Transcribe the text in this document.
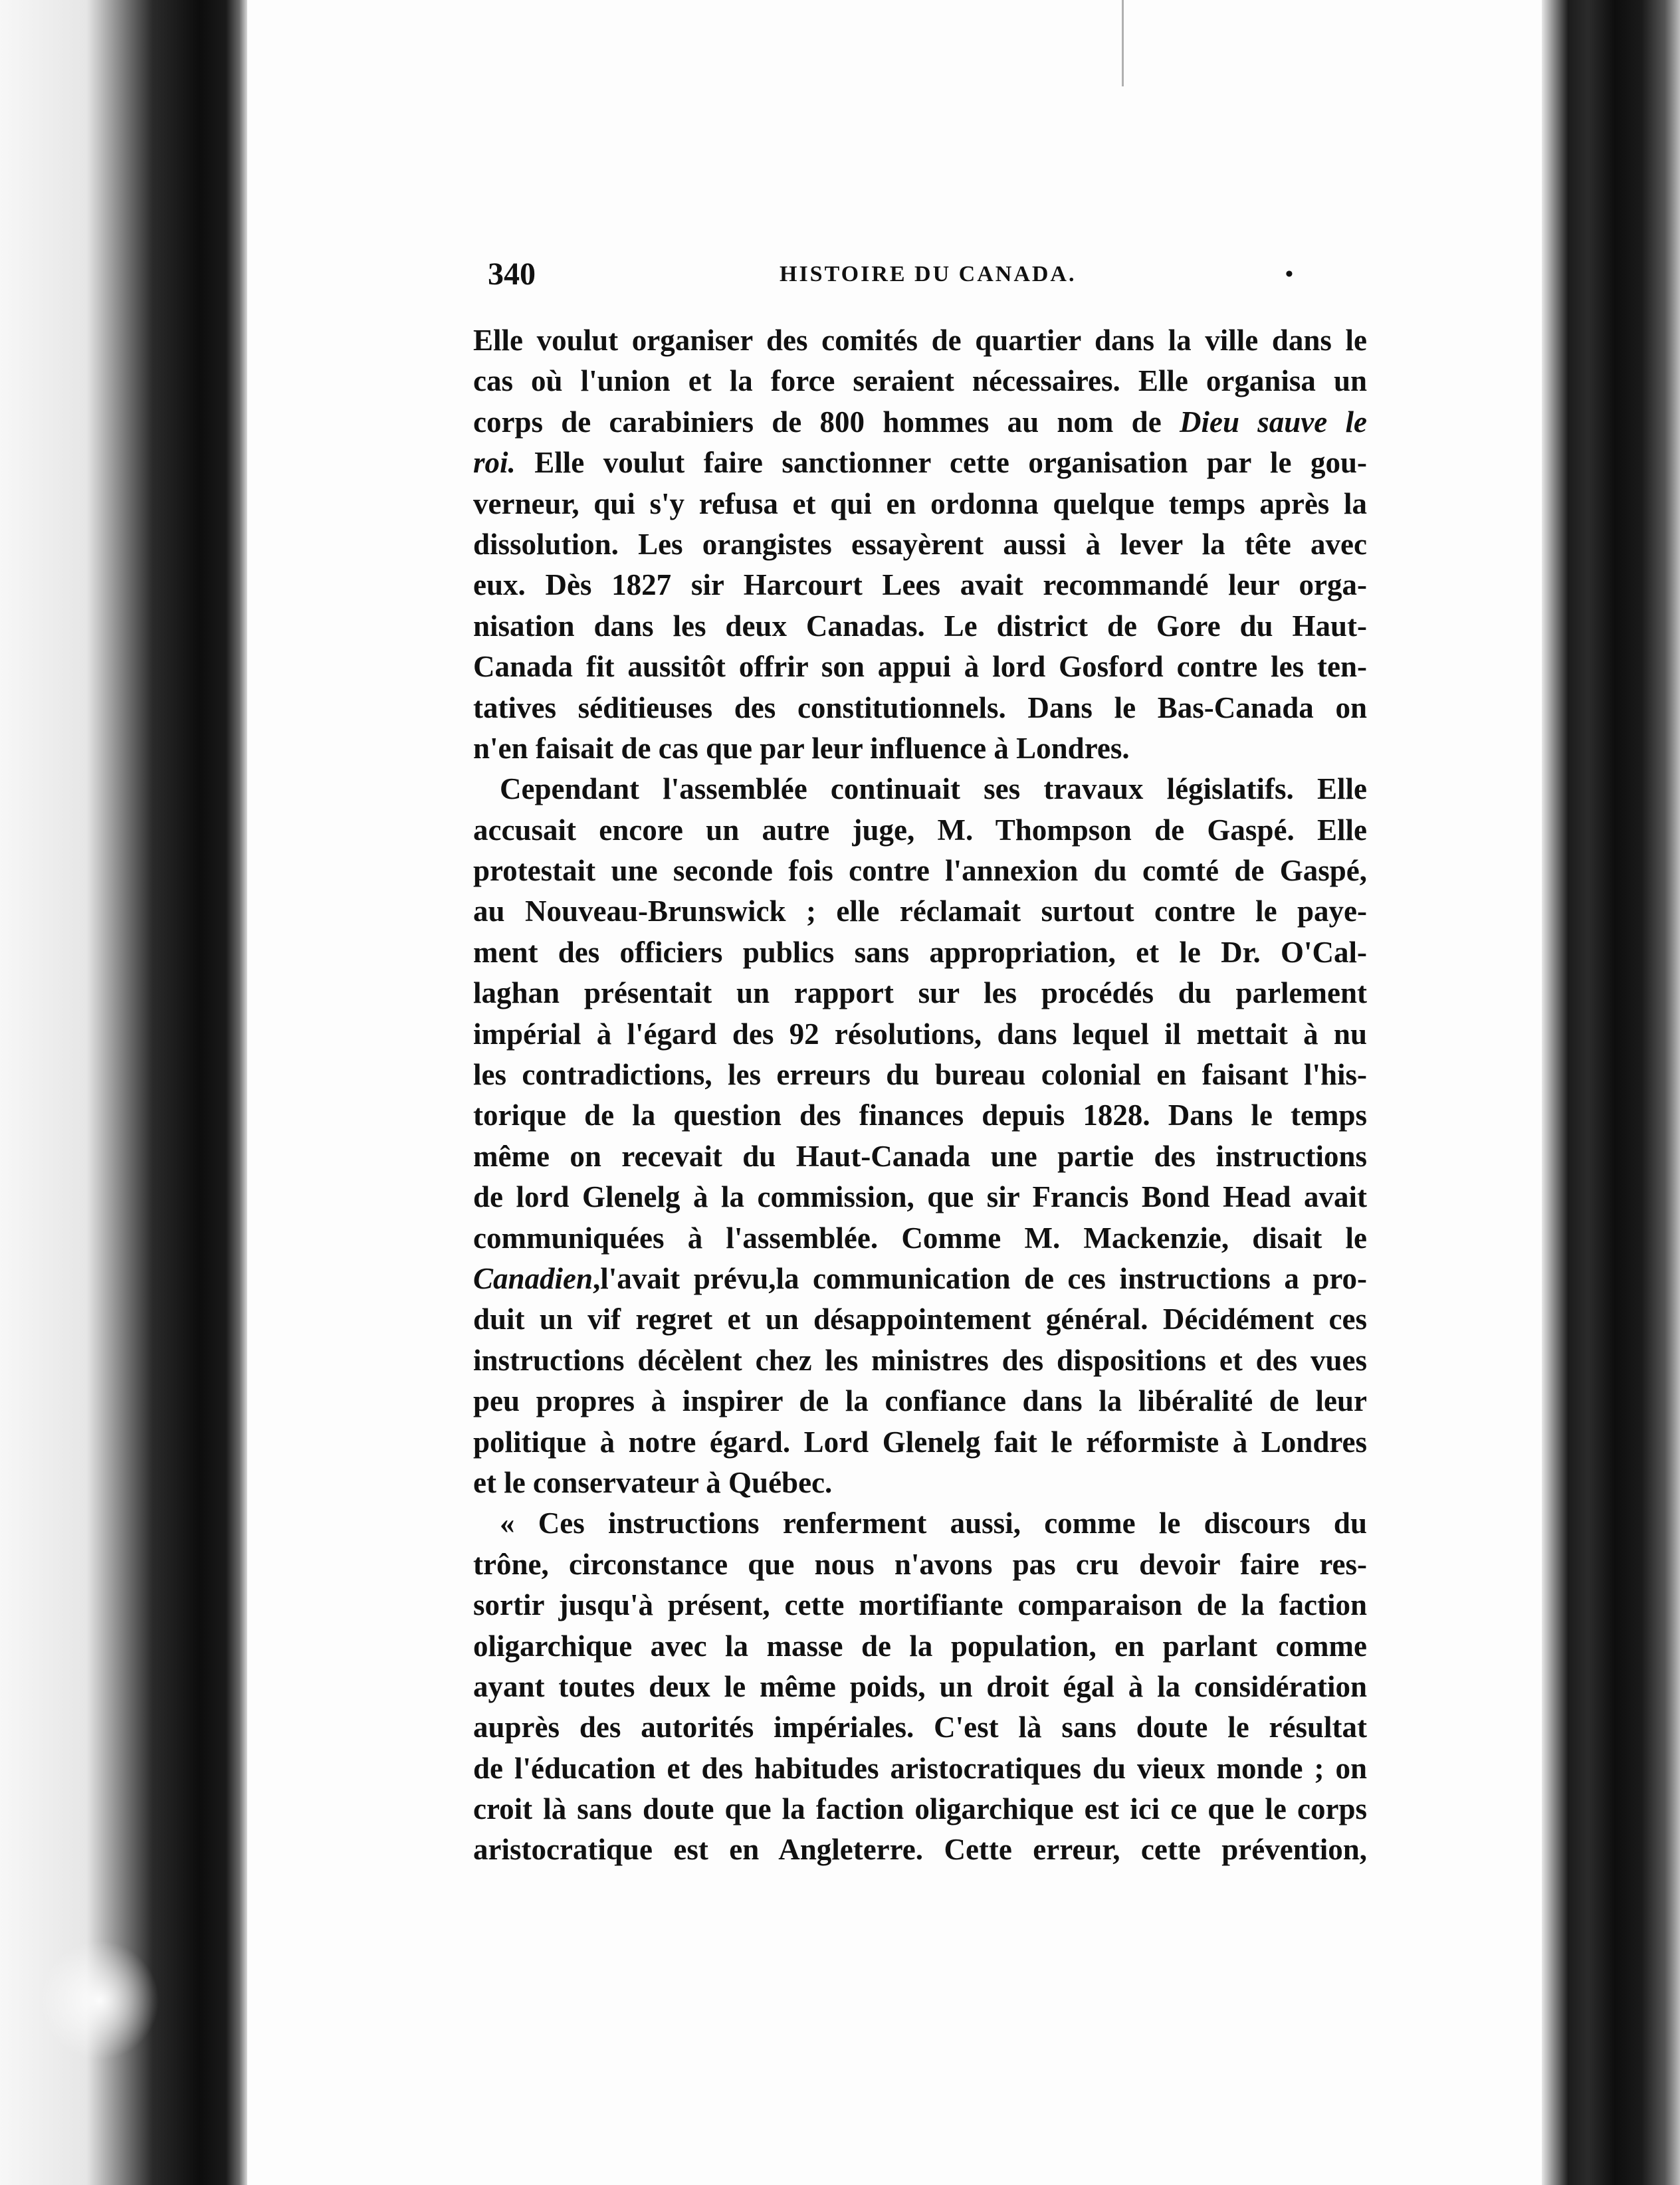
340	HISTOIRE DU CANADA.	•
Elle voulut organiser des comités de quartier dans la ville dans le
cas où l'union et la force seraient nécessaires. Elle organisa un
corps de carabiniers de 800 hommes au nom de Dieu sauve le
roi. Elle voulut faire sanctionner cette organisation par le gou-
verneur, qui s'y refusa et qui en ordonna quelque temps après la
dissolution. Les orangistes essayèrent aussi à lever la tête avec
eux. Dès 1827 sir Harcourt Lees avait recommandé leur orga-
nisation dans les deux Canadas. Le district de Gore du Haut-
Canada fit aussitôt offrir son appui à lord Gosford contre les ten-
tatives séditieuses des constitutionnels. Dans le Bas-Canada on
n'en faisait de cas que par leur influence à Londres.
Cependant l'assemblée continuait ses travaux législatifs. Elle
accusait encore un autre juge, M. Thompson de Gaspé. Elle
protestait une seconde fois contre l'annexion du comté de Gaspé,
au Nouveau-Brunswick ; elle réclamait surtout contre le paye-
ment des officiers publics sans appropriation, et le Dr. O'Cal-
laghan présentait un rapport sur les procédés du parlement
impérial à l'égard des 92 résolutions, dans lequel il mettait à nu
les contradictions, les erreurs du bureau colonial en faisant l'his-
torique de la question des finances depuis 1828. Dans le temps
même on recevait du Haut-Canada une partie des instructions
de lord Glenelg à la commission, que sir Francis Bond Head avait
communiquées à l'assemblée. Comme M. Mackenzie, disait le
Canadien,l'avait prévu,la communication de ces instructions a pro-
duit un vif regret et un désappointement général. Décidément ces
instructions décèlent chez les ministres des dispositions et des vues
peu propres à inspirer de la confiance dans la libéralité de leur
politique à notre égard. Lord Glenelg fait le réformiste à Londres
et le conservateur à Québec.
« Ces instructions renferment aussi, comme le discours du
trône, circonstance que nous n'avons pas cru devoir faire res-
sortir jusqu'à présent, cette mortifiante comparaison de la faction
oligarchique avec la masse de la population, en parlant comme
ayant toutes deux le même poids, un droit égal à la considération
auprès des autorités impériales. C'est là sans doute le résultat
de l'éducation et des habitudes aristocratiques du vieux monde ; on
croit là sans doute que la faction oligarchique est ici ce que le corps
aristocratique est en Angleterre. Cette erreur, cette prévention,
